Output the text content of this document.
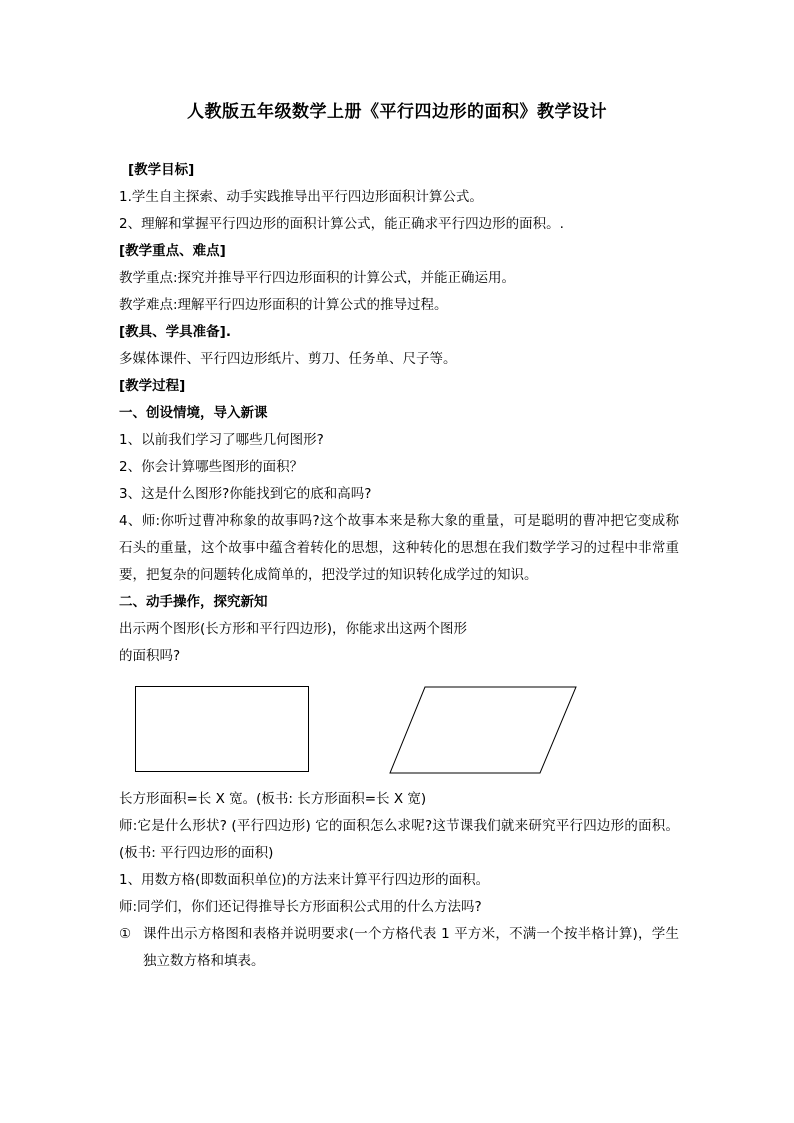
人教版五年级数学上册《平行四边形的面积》教学设计
[教学目标]
1.学生自主探索、动手实践推导出平行四边形面积计算公式。
2、理解和掌握平行四边形的面积计算公式，能正确求平行四边形的面积。.
[教学重点、难点]
教学重点:探究并推导平行四边形面积的计算公式，并能正确运用。
教学难点:理解平行四边形面积的计算公式的推导过程。
[教具、学具准备].
多媒体课件、平行四边形纸片、剪刀、任务单、尺子等。
[教学过程]
一、创设情境，导入新课
1、以前我们学习了哪些几何图形?
2、你会计算哪些图形的面积？
3、这是什么图形?你能找到它的底和高吗?
4、师:你听过曹冲称象的故事吗?这个故事本来是称大象的重量，可是聪明的曹冲把它变成称石头的重量，这个故事中蕴含着转化的思想，这种转化的思想在我们数学学习的过程中非常重要，把复杂的问题转化成简单的，把没学过的知识转化成学过的知识。
二、动手操作，探究新知
出示两个图形(长方形和平行四边形)，你能求出这两个图形
的面积吗?
长方形面积=长 X 宽。(板书: 长方形面积=长 X 宽)
师:它是什么形状? (平行四边形) 它的面积怎么求呢?这节课我们就来研究平行四边形的面积。(板书: 平行四边形的面积)
1、用数方格(即数面积单位)的方法来计算平行四边形的面积。
师:同学们，你们还记得推导长方形面积公式用的什么方法吗?
① 课件出示方格图和表格并说明要求(一个方格代表 1 平方米，不满一个按半格计算)，学生独立数方格和填表。
